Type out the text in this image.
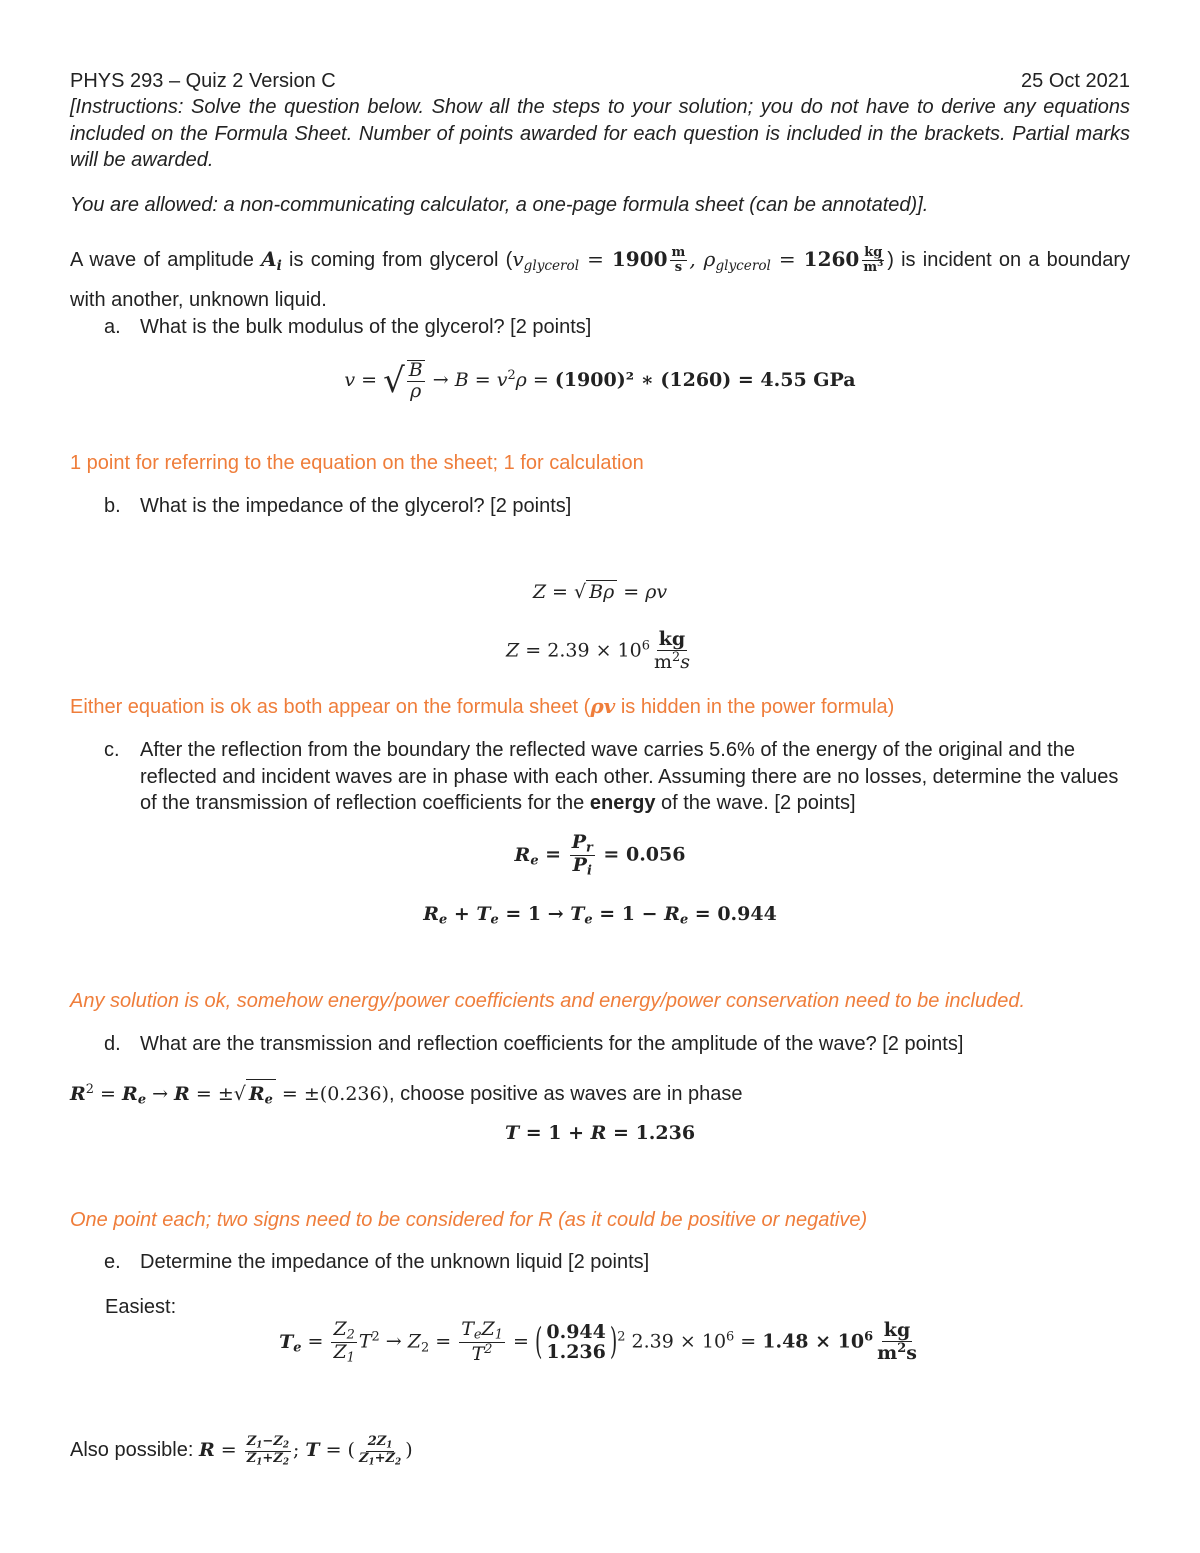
PHYS 293 – Quiz 2 Version C	25 Oct 2021

[Instructions: Solve the question below. Show all the steps to your solution; you do not have to derive any equations included on the Formula Sheet. Number of points awarded for each question is included in the brackets. Partial marks will be awarded.

You are allowed: a non-communicating calculator, a one-page formula sheet (can be annotated)].

A wave of amplitude $A_i$ is coming from glycerol ($v_{glycerol} = 1900 \frac{m}{s}$ , $\rho_{glycerol} = 1260 \frac{kg}{m^3}$ ) is incident on a boundary with another, unknown liquid.

a. What is the bulk modulus of the glycerol? [2 points]
v = √ $\frac{B}{\rho} \to B = v^2\rho = (1900)^2$ ∗ (1260) = 4.55 GPa
1 point for referring to the equation on the sheet; 1 for calculation
b. What is the impedance of the glycerol? [2 points]
Z = √ Bρ = ρv
$Z = 2.39 \times 10^6 \frac{kg}{m^2s}$
Either equation is ok as both appear on the formula sheet (ρv is hidden in the power formula)
c.	After the reflection from the boundary the reflected wave carries 5.6% of the energy of the original and the reflected and incident waves are in phase with each other. Assuming there are no losses, determine the values of the transmission of reflection coefficients for the energy of the wave. [2 points]
$R_e = \frac{P_r}{P_i} = 0.056$
$R_e + T_e = 1 \to T_e = 1 - R_e = 0.944$
Any solution is ok, somehow energy/power coefficients and energy/power conservation need to be included.
d. What are the transmission and reflection coefficients for the amplitude of the wave? [2 points]
$R^2 = R_e \to R$ = ±√ $R_e = \pm(0.236)$, choose positive as waves are in phase
T = 1 + R = 1.236
One point each; two signs need to be considered for R (as it could be positive or negative)
e. Determine the impedance of the unknown liquid [2 points]
Easiest:
$T_e = \frac{Z_2}{Z_1} T^2 \to Z_2 = \frac{T_eZ_1}{T^2}$ = ( 0.944
1.236 )$^2$ $2.39 \times 10^6 = 1.48 \times 10^6 \frac{kg}{m^2s}$
Also possible: $R = \frac{Z_1-Z_2}{Z_1+Z_2}$ ; T = ( $\frac{2Z_1}{Z_1+Z_2}$ )
